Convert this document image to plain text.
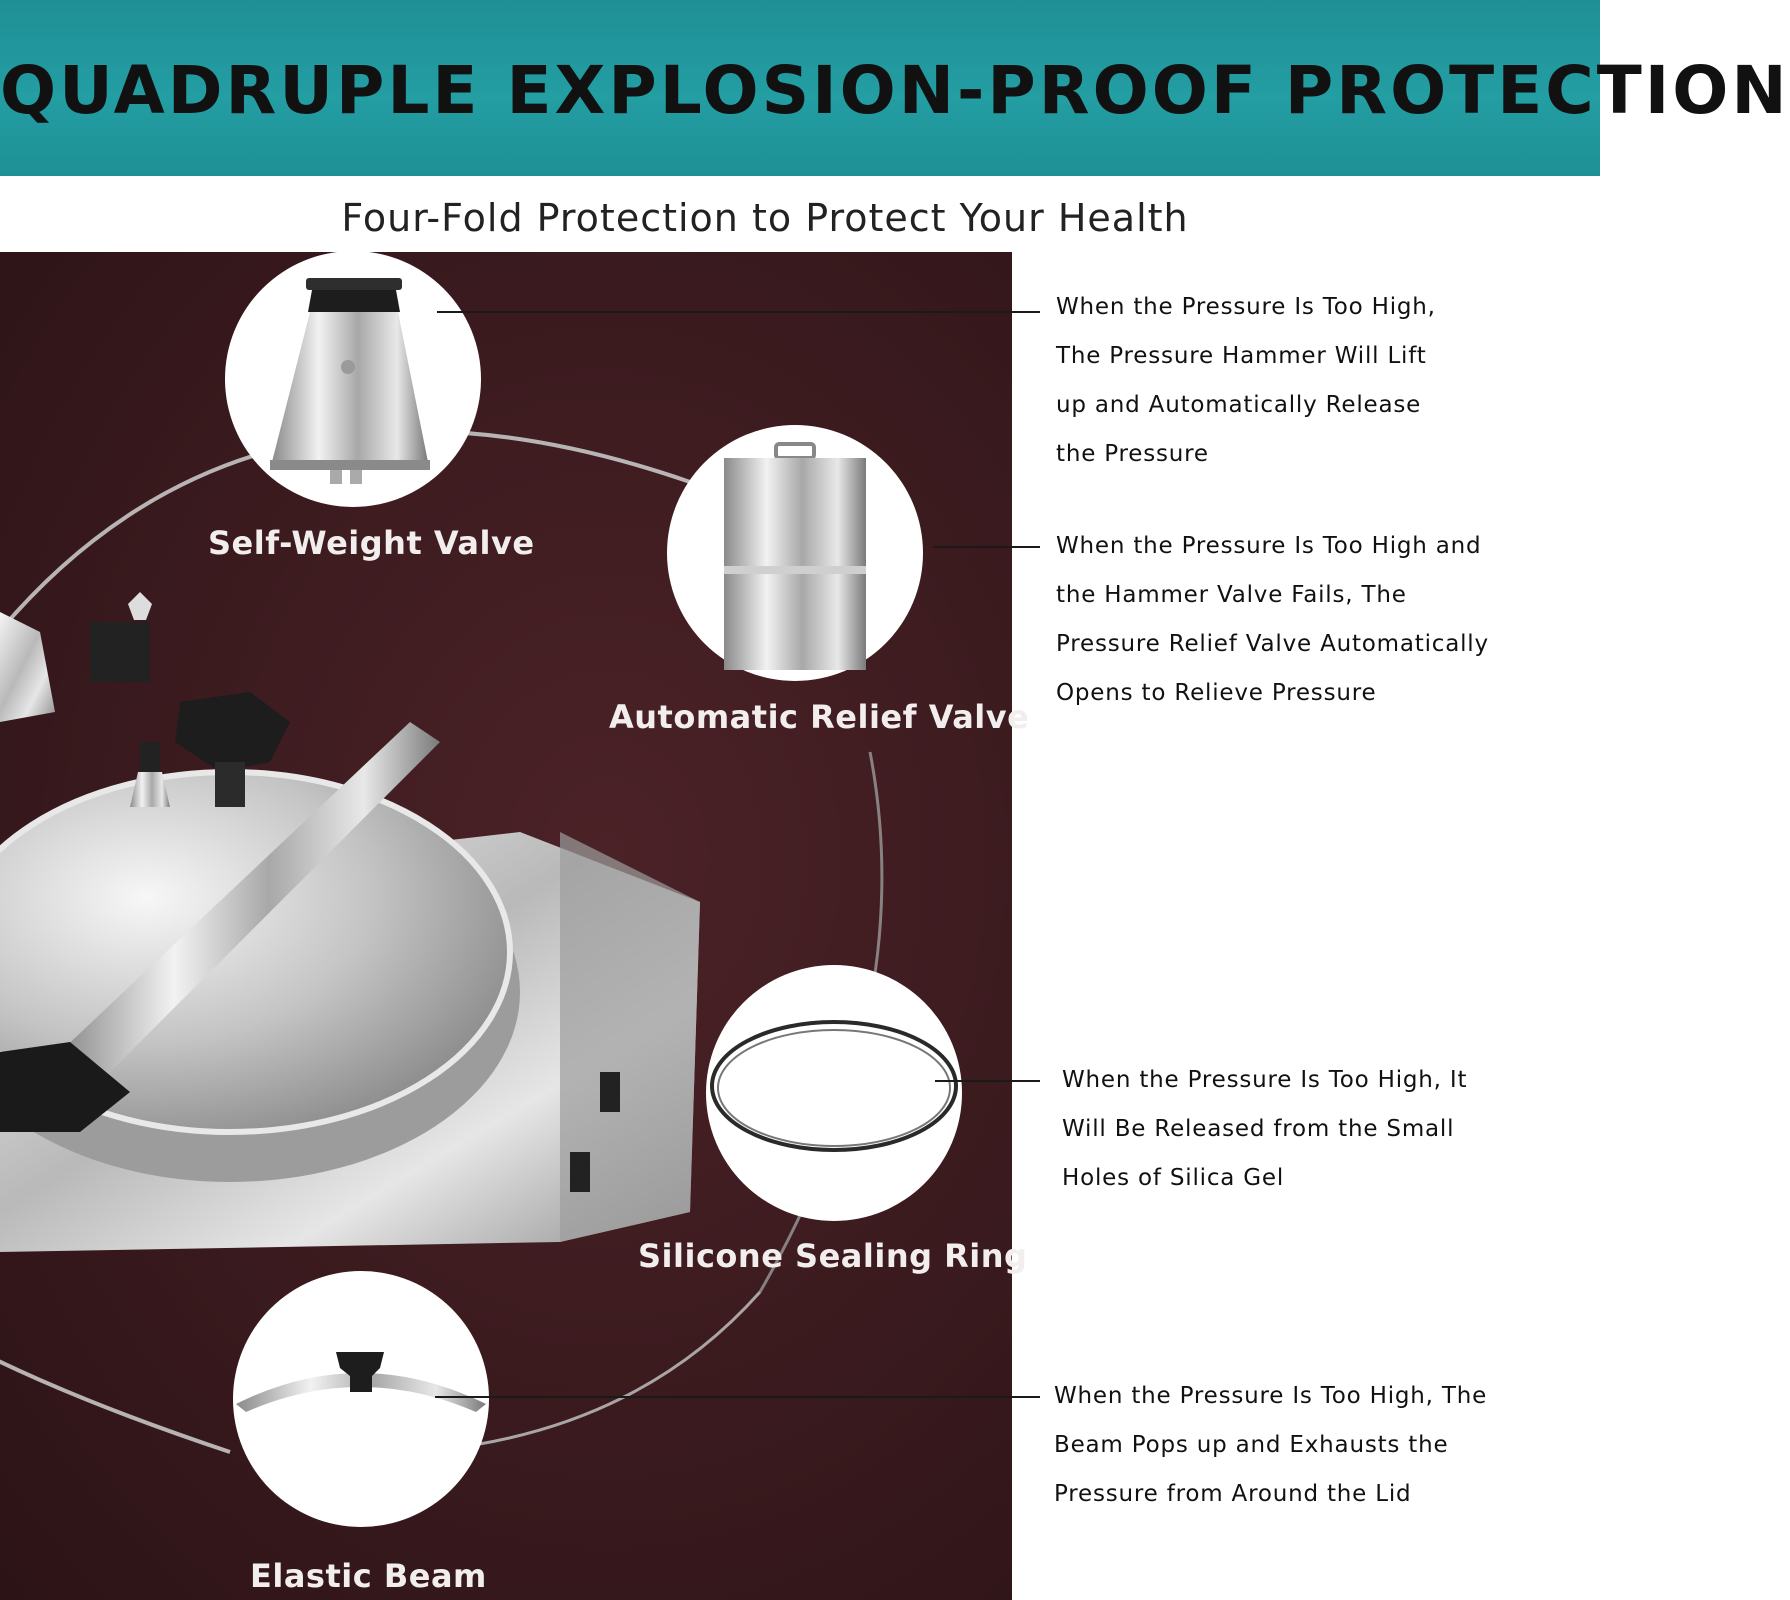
QUADRUPLE EXPLOSION-PROOF PROTECTION
Four-Fold Protection to Protect Your Health
Self-Weight Valve
Automatic Relief Valve
Silicone Sealing Ring
Elastic Beam
When the Pressure Is Too High,
The Pressure Hammer Will Lift
up and Automatically Release
the Pressure
When the Pressure Is Too High and
the Hammer Valve Fails, The
Pressure Relief Valve Automatically
Opens to Relieve Pressure
When the Pressure Is Too High, It
Will Be Released from the Small
Holes of Silica Gel
When the Pressure Is Too High, The
Beam Pops up and Exhausts the
Pressure from Around the Lid
